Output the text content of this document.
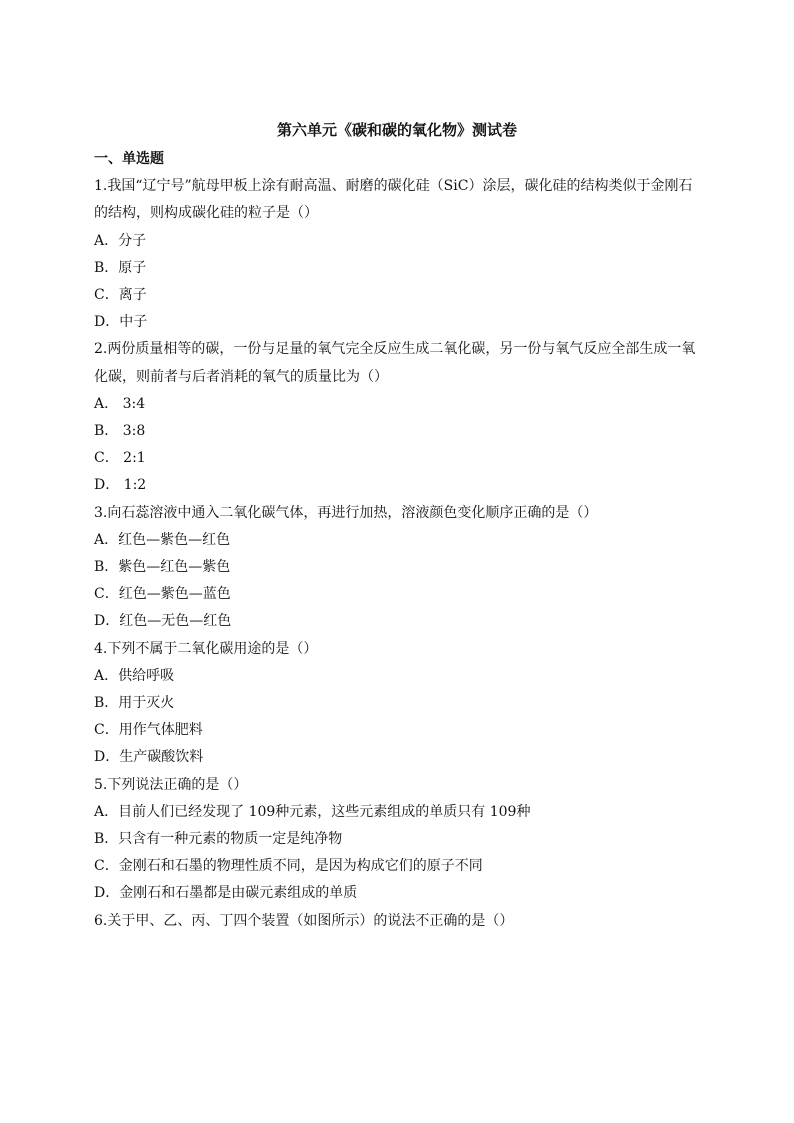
第六单元《碳和碳的氧化物》测试卷

一、单选题

1.我国“辽宁号”航母甲板上涂有耐高温、耐磨的碳化硅（SiC）涂层，碳化硅的结构类似于金刚石的结构，则构成碳化硅的粒子是（）

A．分子

B．原子

C．离子

D．中子

2.两份质量相等的碳，一份与足量的氧气完全反应生成二氧化碳，另一份与氧气反应全部生成一氧化碳，则前者与后者消耗的氧气的质量比为（）

A． 3:4

B． 3:8

C． 2:1

D． 1:2

3.向石蕊溶液中通入二氧化碳气体，再进行加热，溶液颜色变化顺序正确的是（）

A．红色—紫色—红色

B．紫色—红色—紫色

C．红色—紫色—蓝色

D．红色—无色—红色

4.下列不属于二氧化碳用途的是（）

A．供给呼吸

B．用于灭火

C．用作气体肥料

D．生产碳酸饮料

5.下列说法正确的是（）

A．目前人们已经发现了 109种元素，这些元素组成的单质只有 109种

B．只含有一种元素的物质一定是纯净物

C．金刚石和石墨的物理性质不同，是因为构成它们的原子不同

D．金刚石和石墨都是由碳元素组成的单质

6.关于甲、乙、丙、丁四个装置（如图所示）的说法不正确的是（）
